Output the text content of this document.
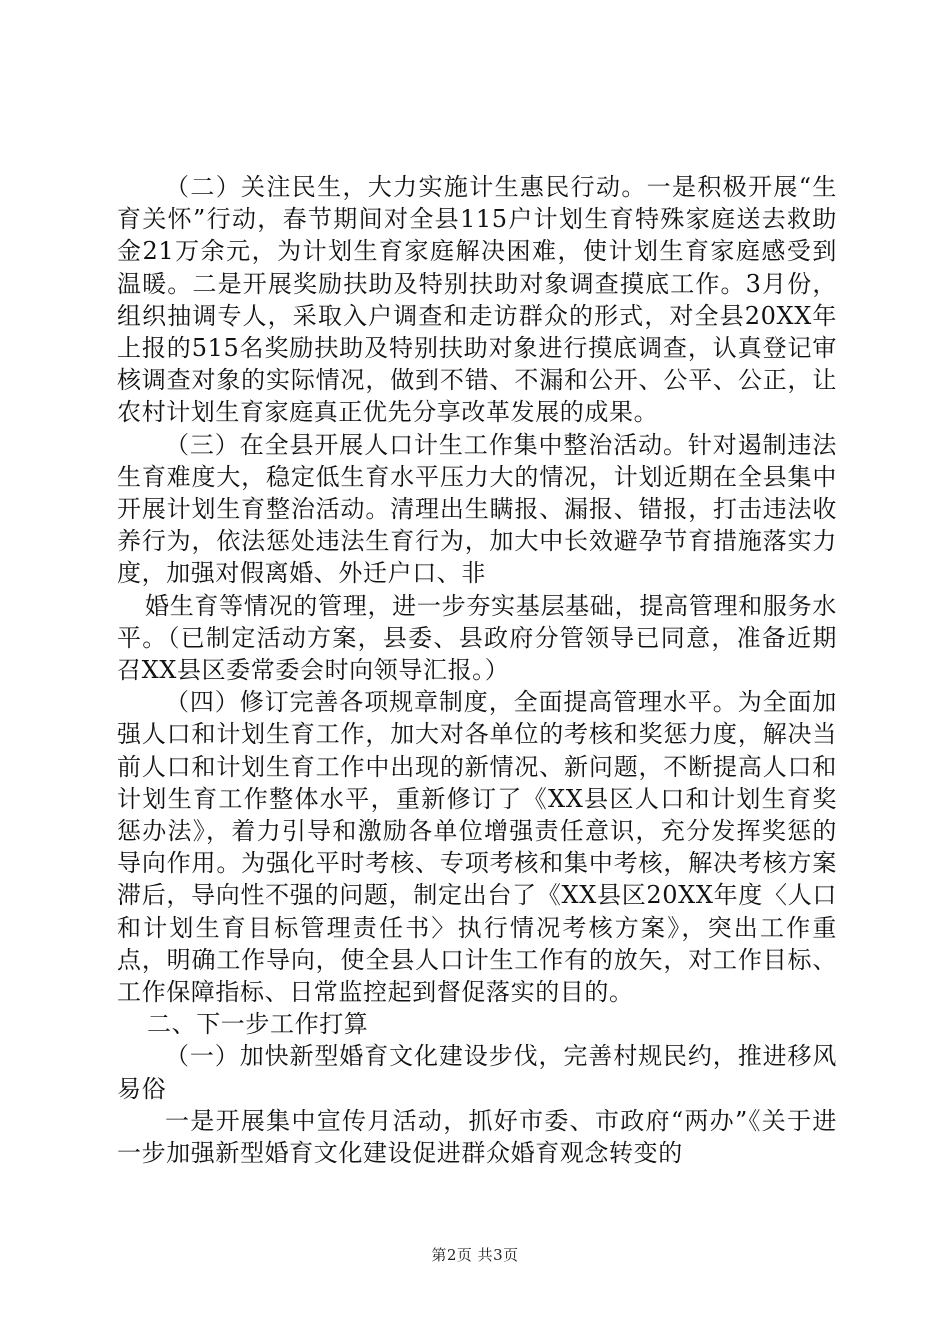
（二）关注民生，大力实施计生惠民行动。一是积极开展“生育关怀”行动，春节期间对全县115户计划生育特殊家庭送去救助金21万余元，为计划生育家庭解决困难，使计划生育家庭感受到温暖。二是开展奖励扶助及特别扶助对象调查摸底工作。3月份，组织抽调专人，采取入户调查和走访群众的形式，对全县20XX年上报的515名奖励扶助及特别扶助对象进行摸底调查，认真登记审核调查对象的实际情况，做到不错、不漏和公开、公平、公正，让农村计划生育家庭真正优先分享改革发展的成果。

（三）在全县开展人口计生工作集中整治活动。针对遏制违法生育难度大，稳定低生育水平压力大的情况，计划近期在全县集中开展计划生育整治活动。清理出生瞒报、漏报、错报，打击违法收养行为，依法惩处违法生育行为，加大中长效避孕节育措施落实力度，加强对假离婚、外迁户口、非

婚生育等情况的管理，进一步夯实基层基础，提高管理和服务水平。（已制定活动方案，县委、县政府分管领导已同意，准备近期召XX县区委常委会时向领导汇报。）

（四）修订完善各项规章制度，全面提高管理水平。为全面加强人口和计划生育工作，加大对各单位的考核和奖惩力度，解决当前人口和计划生育工作中出现的新情况、新问题，不断提高人口和计划生育工作整体水平，重新修订了《XX县区人口和计划生育奖惩办法》，着力引导和激励各单位增强责任意识，充分发挥奖惩的导向作用。为强化平时考核、专项考核和集中考核，解决考核方案滞后，导向性不强的问题，制定出台了《XX县区20XX年度〈人口和计划生育目标管理责任书〉执行情况考核方案》，突出工作重点，明确工作导向，使全县人口计生工作有的放矢，对工作目标、工作保障指标、日常监控起到督促落实的目的。

二、下一步工作打算

（一）加快新型婚育文化建设步伐，完善村规民约，推进移风易俗

一是开展集中宣传月活动，抓好市委、市政府“两办”《关于进一步加强新型婚育文化建设促进群众婚育观念转变的

第2页 共3页
